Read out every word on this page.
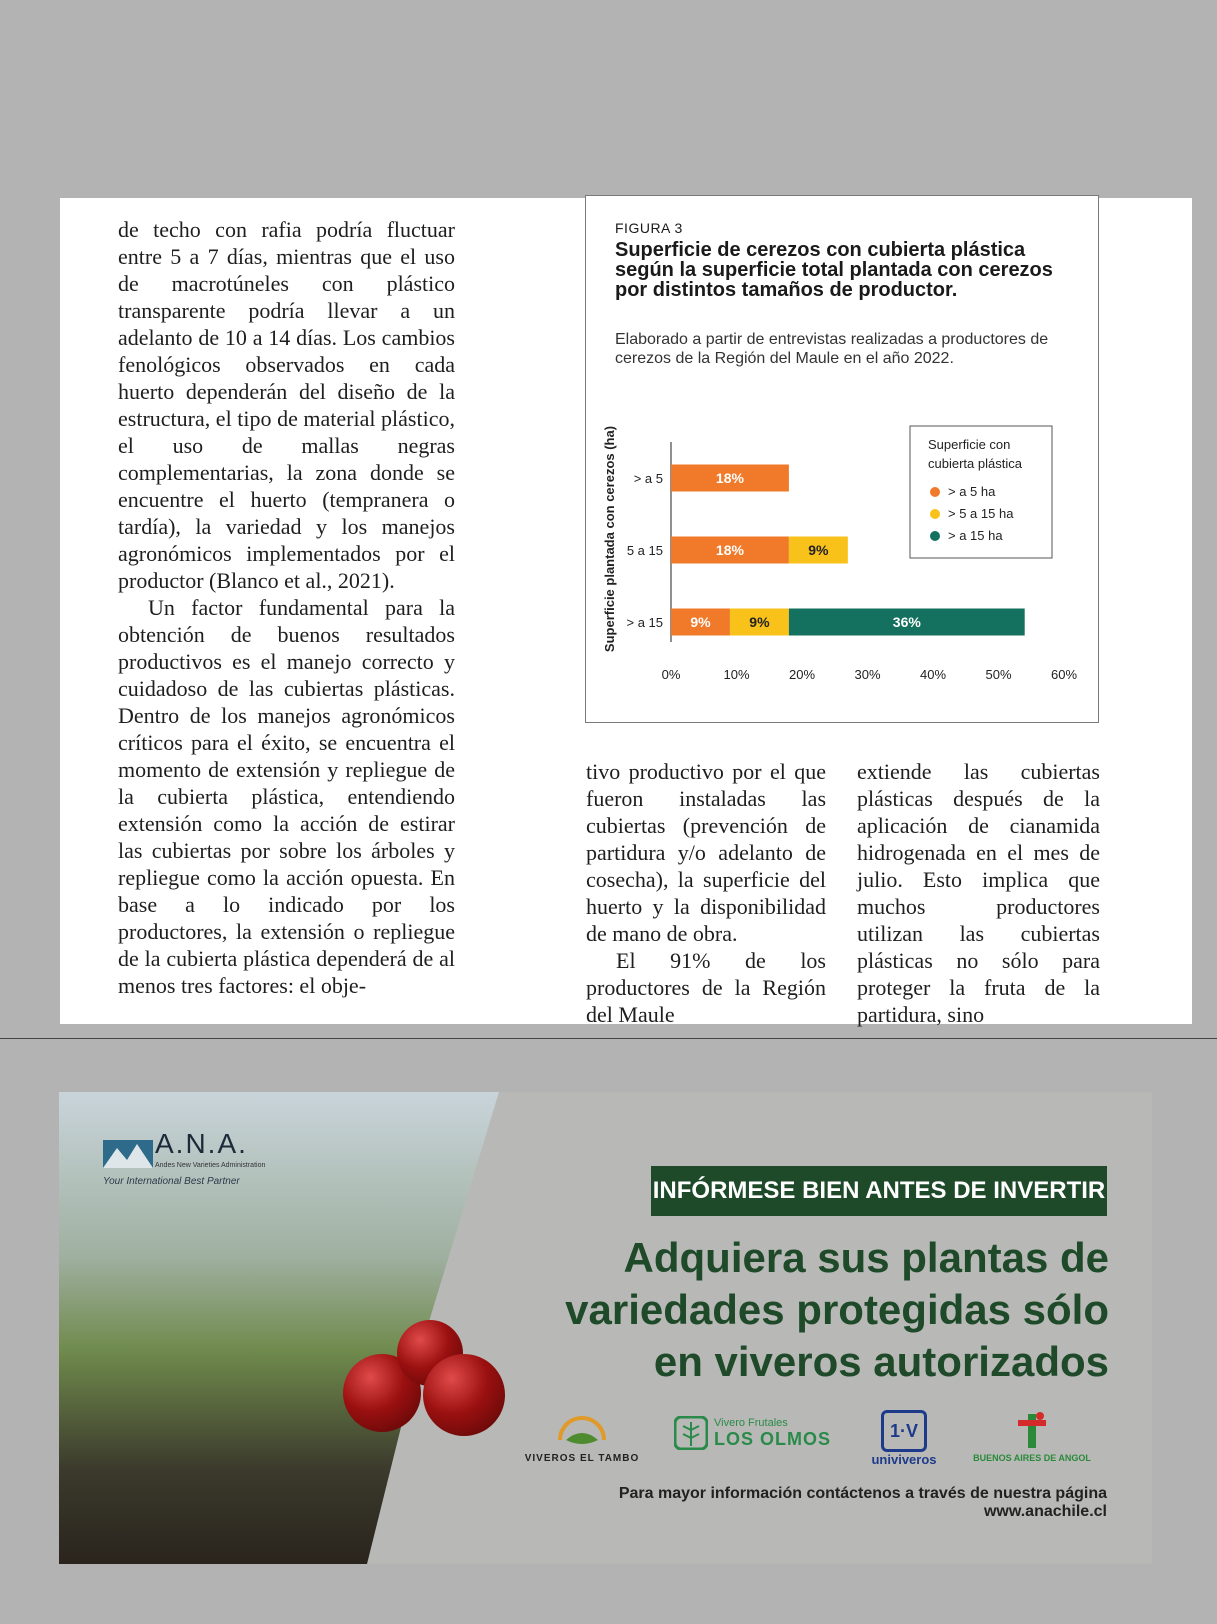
de techo con rafia podría fluctuar entre 5 a 7 días, mientras que el uso de macrotúneles con plástico transparente podría llevar a un adelanto de 10 a 14 días. Los cambios fenológicos observados en cada huerto dependerán del diseño de la estructura, el tipo de material plástico, el uso de mallas negras complementarias, la zona donde se encuentre el huerto (tempranera o tardía), la variedad y los manejos agronómicos implementados por el productor (Blanco et al., 2021).

Un factor fundamental para la obtención de buenos resultados productivos es el manejo correcto y cuidadoso de las cubiertas plásticas. Dentro de los manejos agronómicos críticos para el éxito, se encuentra el momento de extensión y repliegue de la cubierta plástica, entendiendo extensión como la acción de estirar las cubiertas por sobre los árboles y repliegue como la acción opuesta. En base a lo indicado por los productores, la extensión o repliegue de la cubierta plástica dependerá de al menos tres factores: el obje-

FIGURA 3
Superficie de cerezos con cubierta plástica según la superficie total plantada con cerezos por distintos tamaños de productor.
Elaborado a partir de entrevistas realizadas a productores de cerezos de la Región del Maule en el año 2022.
> a 5	18%
5 a 15	18%	9%
> a 15 9%	9%	36%
0%	10%	20%	30%	40%	50%	60%
Superficie plantada con cerezos (ha)	Superficie con
cubierta plástica
> a 5 ha
> 5 a 15 ha
> a 15 ha

tivo productivo por el que fueron instaladas las cubiertas (prevención de partidura y/o adelanto de cosecha), la superficie del huerto y la disponibilidad de mano de obra.

El 91% de los productores de la Región del Maule

extiende las cubiertas plásticas después de la aplicación de cianamida hidrogenada en el mes de julio. Esto implica que muchos productores utilizan las cubiertas plásticas no sólo para proteger la fruta de la partidura, sino

A.N.A.
Andes New Varieties Administration
Your International Best Partner	INFÓRMESE BIEN ANTES DE INVERTIR
Adquiera sus plantas de
variedades protegidas sólo
en viveros autorizados
VIVEROS EL TAMBO
Vivero Frutales
LOS OLMOS	1·V
univiveros	BUENOS AIRES DE ANGOL
Para mayor información contáctenos a través de nuestra página www.anachile.cl
